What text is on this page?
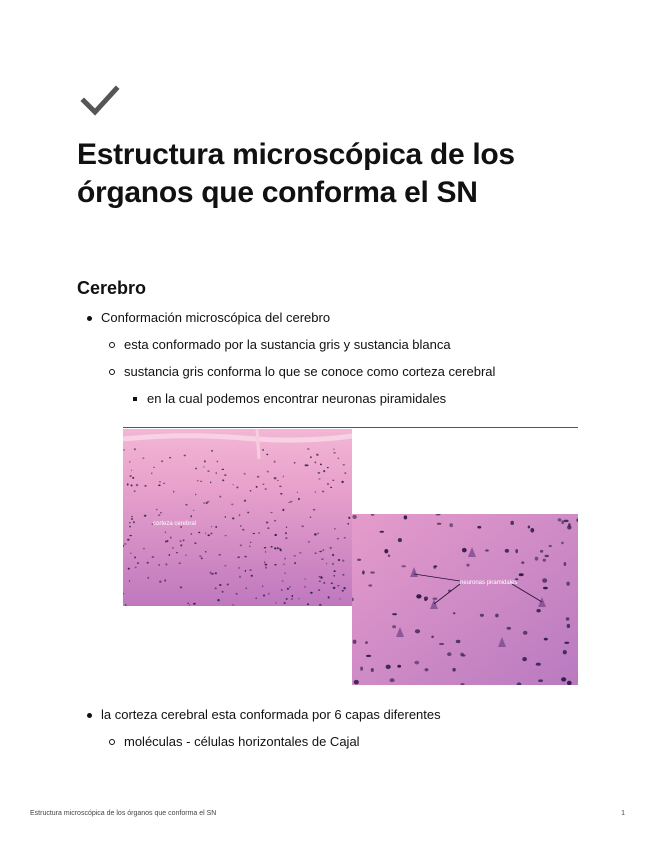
Estructura microscópica de los órganos que conforma el SN
Cerebro
Conformación microscópica del cerebro
esta conformado por la sustancia gris y sustancia blanca
sustancia gris conforma lo que se conoce como corteza cerebral
en la cual podemos encontrar neuronas piramidales
corteza cerebral
neuronas piramidales
la corteza cerebral esta conformada por 6 capas diferentes
moléculas - células horizontales de Cajal
Estructura microscópica de los órganos que conforma el SN	1
